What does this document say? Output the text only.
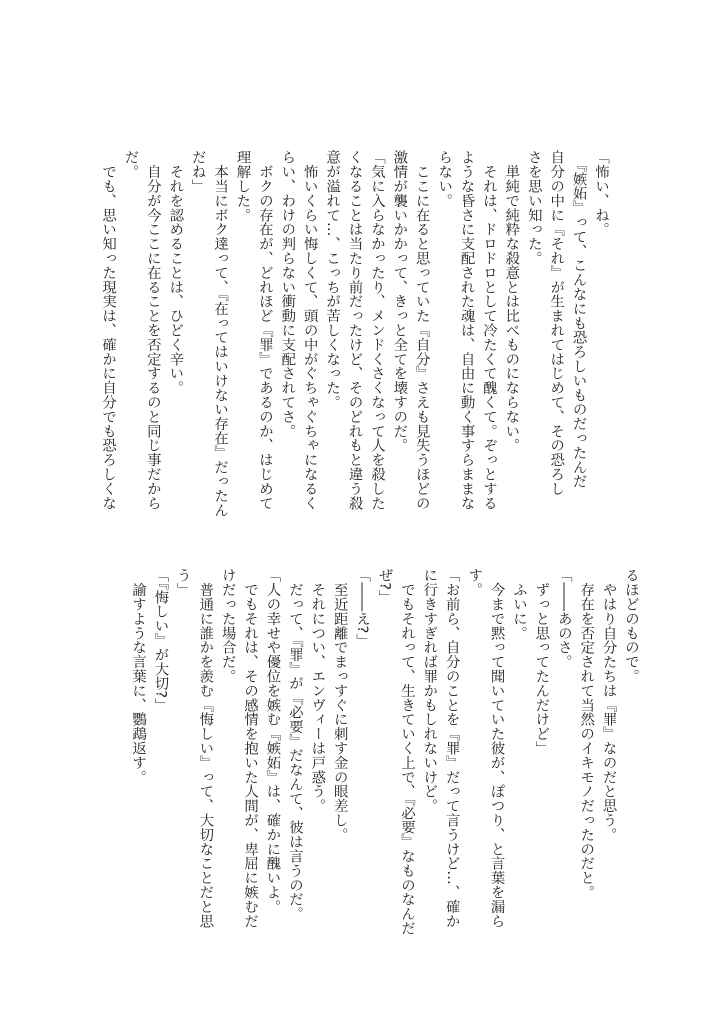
「怖い、ね。
　『嫉妬』って、こんなにも恐ろしいものだったんだ
自分の中に『それ』が生まれてはじめて、その恐ろし
さを思い知った。
　単純で純粋な殺意とは比べものにならない。
　それは、ドロドロとして冷たくて醜くて。ぞっとする
ような昏さに支配された魂は、自由に動く事すらままな
らない。
　ここに在ると思っていた『自分』さえも見失うほどの
激情が襲いかかって、きっと全てを壊すのだ。
「気に入らなかったり、メンドくさくなって人を殺した
くなることは当たり前だったけど、そのどれもと違う殺
意が溢れて…、こっちが苦しくなった。
　怖いくらい悔しくて、頭の中がぐちゃぐちゃになるく
らい、わけの判らない衝動に支配されてさ。
　ボクの存在が、どれほど『罪』であるのか、はじめて
理解した。
　本当にボク達って、『在ってはいけない存在』だったん
だね」
　それを認めることは、ひどく辛い。
　自分が今ここに在ることを否定するのと同じ事だから
だ。
　でも、思い知った現実は、確かに自分でも恐ろしくな
るほどのもので。
　やはり自分たちは『罪』なのだと思う。
　存在を否定されて当然のイキモノだったのだと。
「――あのさ。
　ずっと思ってたんだけど」
　ふいに。
　今まで黙って聞いていた彼が、ぽつり、と言葉を漏ら
す。
「お前ら、自分のことを『罪』だって言うけど…、確か
に行きすぎれば罪かもしれないけど。
　でもそれって、生きていく上で、『必要』なものなんだ
ぜ?」
「――え?」
　至近距離でまっすぐに刺す金の眼差し。
　それについ、エンヴィーは戸惑う。
　だって、『罪』が『必要』だなんて、彼は言うのだ。
「人の幸せや優位を嫉む『嫉妬』は、確かに醜いよ。
　でもそれは、その感情を抱いた人間が、卑屈に嫉むだ
けだった場合だ。
　普通に誰かを羨む『悔しい』って、大切なことだと思
う」
「『悔しい』が大切?」
　諭すような言葉に、鸚鵡返す。
